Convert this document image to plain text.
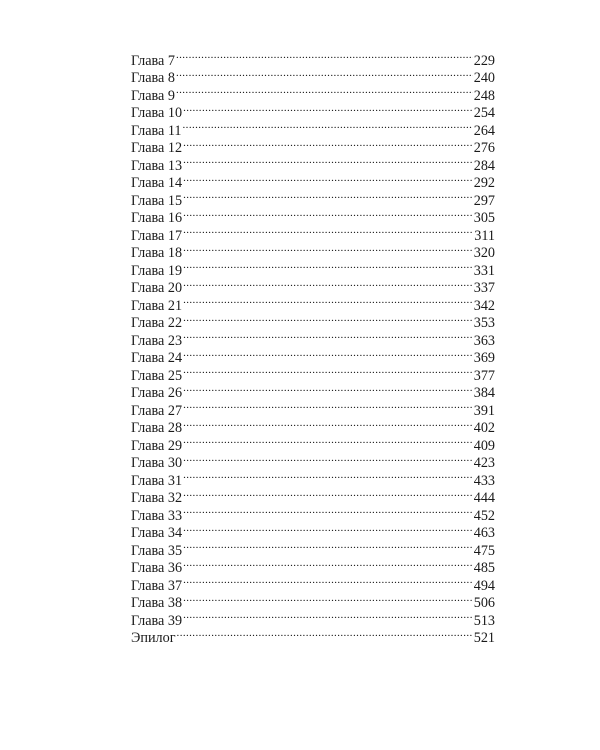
Глава 7 .....	229
Глава 8 .....	240
Глава 9 .....	248
Глава 10 .....	254
Глава 11 .....	264
Глава 12 .....	276
Глава 13 .....	284
Глава 14 .....	292
Глава 15 .....	297
Глава 16 .....	305
Глава 17 .....	311
Глава 18 .....	320
Глава 19 .....	331
Глава 20 .....	337
Глава 21 .....	342
Глава 22 .....	353
Глава 23 .....	363
Глава 24 .....	369
Глава 25 .....	377
Глава 26 .....	384
Глава 27 .....	391
Глава 28 .....	402
Глава 29 .....	409
Глава 30 .....	423
Глава 31 .....	433
Глава 32 .....	444
Глава 33 .....	452
Глава 34 .....	463
Глава 35 .....	475
Глава 36 .....	485
Глава 37 .....	494
Глава 38 .....	506
Глава 39 .....	513
Эпилог .....	521
